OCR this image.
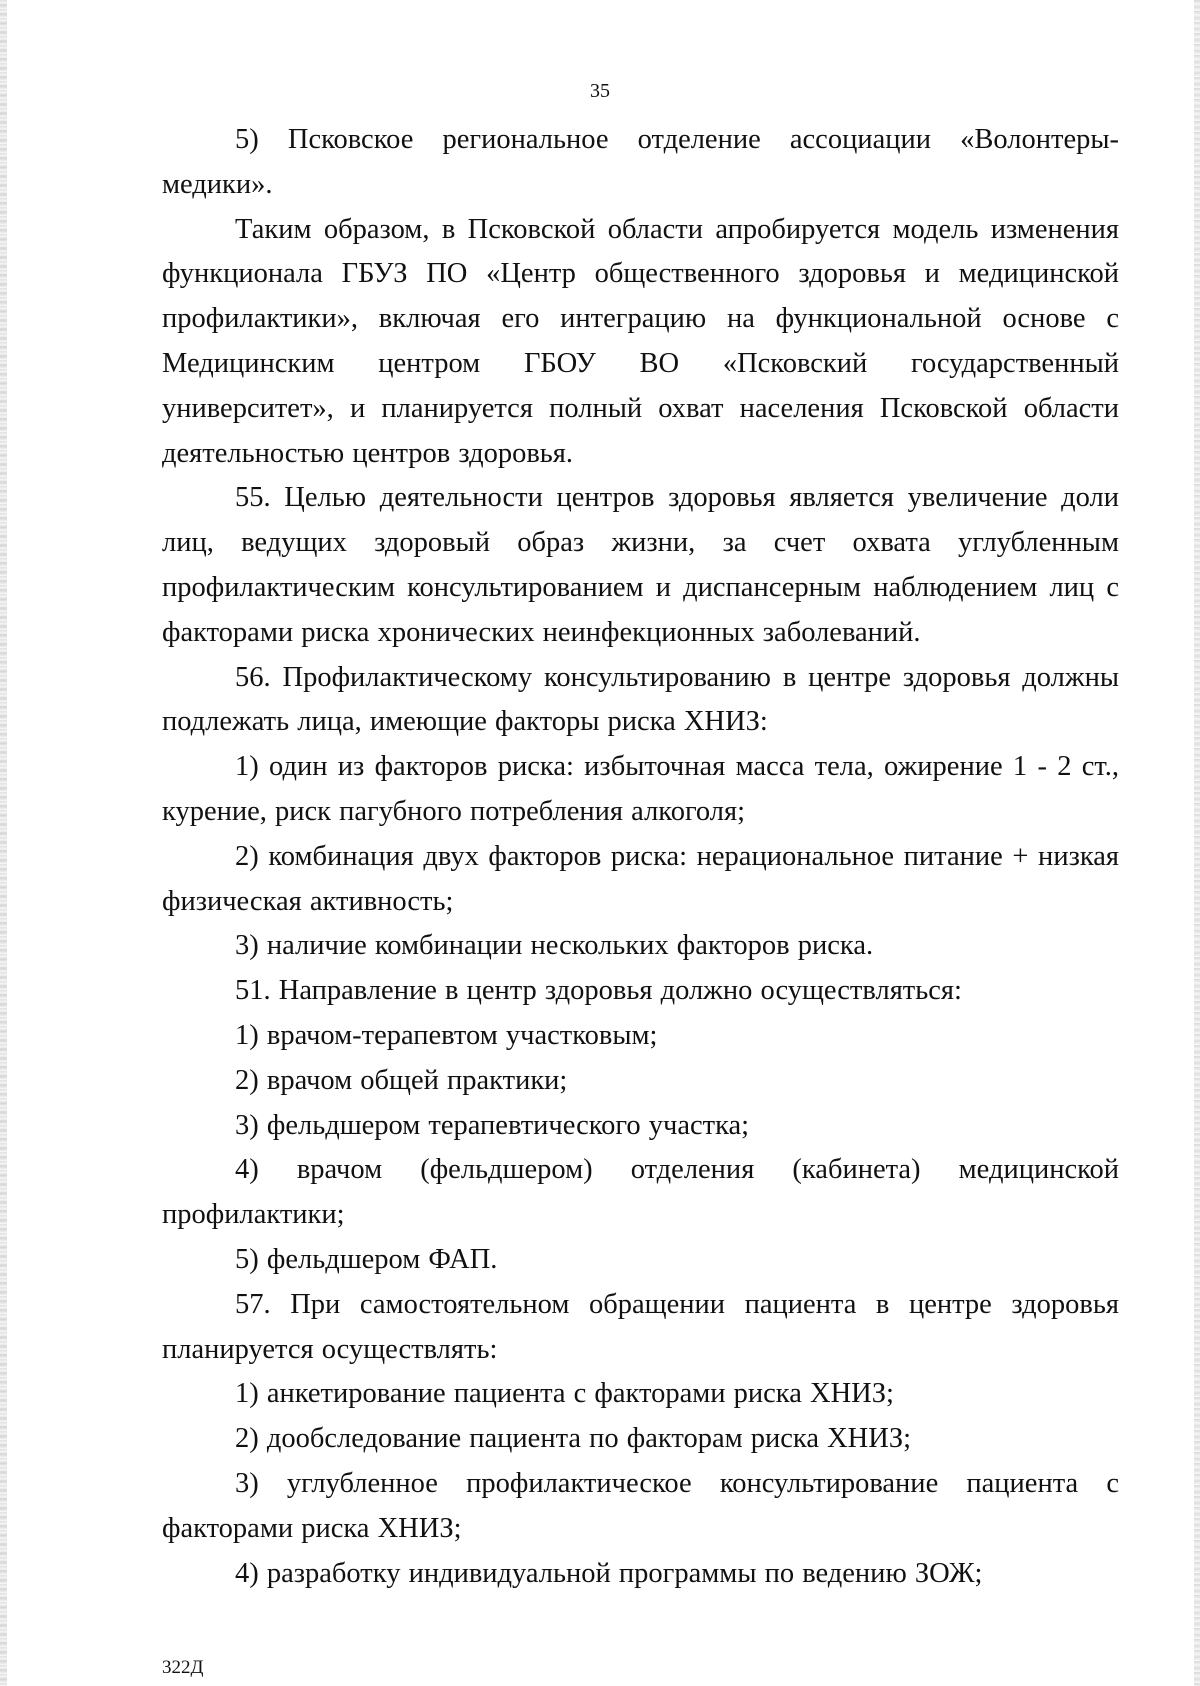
35

5) Псковское региональное отделение ассоциации «Волонтеры-медики».

Таким образом, в Псковской области апробируется модель изменения функционала ГБУЗ ПО «Центр общественного здоровья и медицинской профилактики», включая его интеграцию на функциональной основе с Медицинским центром ГБОУ ВО «Псковский государственный университет», и планируется полный охват населения Псковской области деятельностью центров здоровья.

55. Целью деятельности центров здоровья является увеличение доли лиц, ведущих здоровый образ жизни, за счет охвата углубленным профилактическим консультированием и диспансерным наблюдением лиц с факторами риска хронических неинфекционных заболеваний.

56. Профилактическому консультированию в центре здоровья должны подлежать лица, имеющие факторы риска ХНИЗ:

1) один из факторов риска: избыточная масса тела, ожирение 1 - 2 ст., курение, риск пагубного потребления алкоголя;

2) комбинация двух факторов риска: нерациональное питание + низкая физическая активность;

3) наличие комбинации нескольких факторов риска.

51. Направление в центр здоровья должно осуществляться:

1) врачом-терапевтом участковым;

2) врачом общей практики;

3) фельдшером терапевтического участка;

4) врачом (фельдшером) отделения (кабинета) медицинской профилактики;

5) фельдшером ФАП.

57. При самостоятельном обращении пациента в центре здоровья планируется осуществлять:

1) анкетирование пациента с факторами риска ХНИЗ;

2) дообследование пациента по факторам риска ХНИЗ;

3) углубленное профилактическое консультирование пациента с факторами риска ХНИЗ;

4) разработку индивидуальной программы по ведению ЗОЖ;

322Д
